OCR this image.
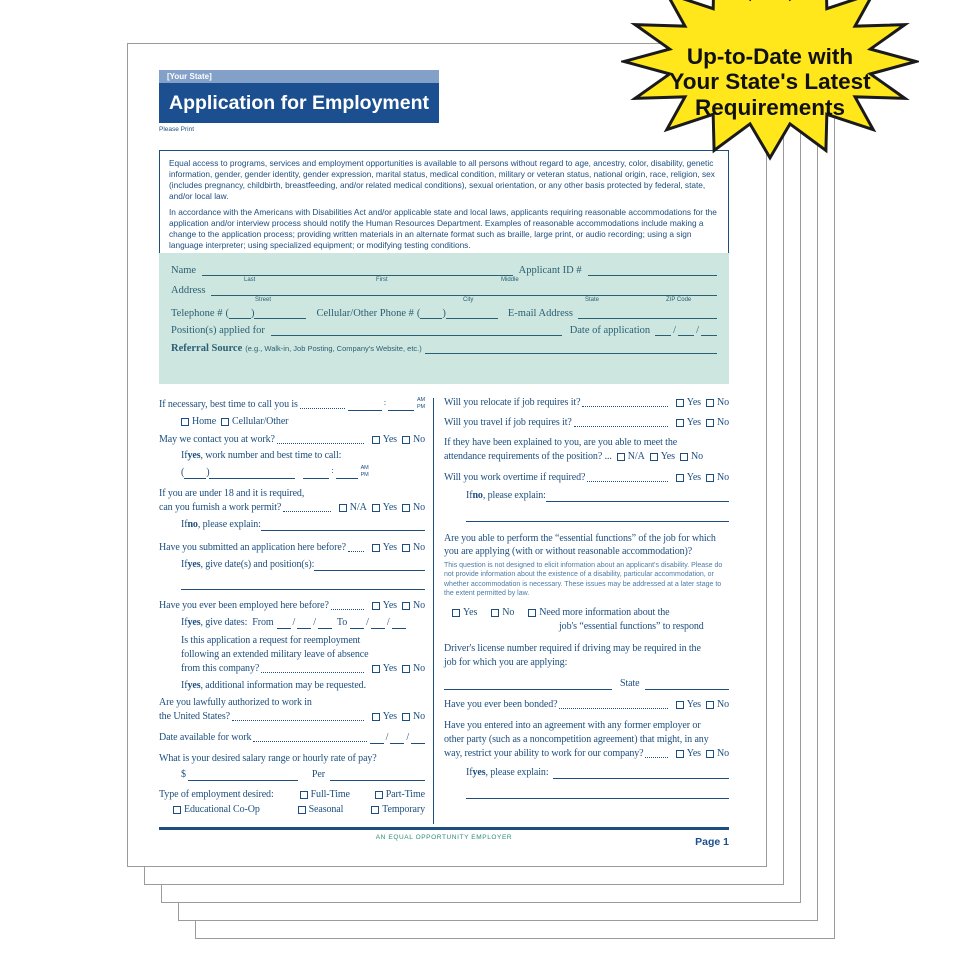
[Your State]
Application for Employment
Please Print

Equal access to programs, services and employment opportunities is available to all persons without regard to age, ancestry, color, disability, genetic information, gender, gender identity, gender expression, marital status, medical condition, military or veteran status, national origin, race, religion, sex (includes pregnancy, childbirth, breastfeeding, and/or related medical conditions), sexual orientation, or any other basis protected by federal, state, and/or local law.

In accordance with the Americans with Disabilities Act and/or applicable state and local laws, applicants requiring reasonable accommodations for the application and/or interview process should notify the Human Resources Department. Examples of reasonable accommodations include making a change to the application process; providing written materials in an alternate format such as braille, large print, or audio recording; using a sign language interpreter; using specialized equipment; or modifying testing conditions.

Name	Applicant ID #
Last	First	Middle
Address
Street	City	State	ZIP Code
Telephone # ( )	Cellular/Other Phone # ( )	E-mail Address
Position(s) applied for	Date of application / /
Referral Source (e.g., Walk-in, Job Posting, Company's Website, etc.)
If necessary, best time to call you is	:	AM
PM
Home Cellular/Other
May we contact you at work?	Yes No
If yes , work number and best time to call:
( )	:	AM
PM
If you are under 18 and it is required,
can you furnish a work permit?	N/A Yes No
If no , please explain:
Have you submitted an application here before?	Yes No
If yes , give date(s) and position(s):
Have you ever been employed here before?	Yes No
If yes , give dates: From / / To / /
Is this application a request for reemployment
following an extended military leave of absence
from this company?	Yes No
If yes , additional information may be requested.
Are you lawfully authorized to work in
the United States?	Yes No
Date available for work	/ /
What is your desired salary range or hourly rate of pay?
$	Per
Type of employment desired:	Full-Time	Part-Time
Educational Co-Op	Seasonal	Temporary
Will you relocate if job requires it?	Yes No
Will you travel if job requires it?	Yes No
If they have been explained to you, are you able to meet the
attendance requirements of the position? ... N/A Yes No
Will you work overtime if required?	Yes No
If no , please explain:
Are you able to perform the “essential functions” of the job for which you are applying (with or without reasonable accommodation)?
This question is not designed to elicit information about an applicant's disability. Please do not provide information about the existence of a disability, particular accommodation, or whether accommodation is necessary. These issues may be addressed at a later stage to the extent permitted by law.
Yes	No	Need more information about the
job's “essential functions” to respond
Driver's license number required if driving may be required in the
job for which you are applying:
State
Have you ever been bonded?	Yes No
Have you entered into an agreement with any former employer or
other party (such as a noncompetition agreement) that might, in any
way, restrict your ability to work for our company?	Yes No
If yes , please explain:
AN EQUAL OPPORTUNITY EMPLOYER	Page 1
Up-to-Date with
Your State's Latest
Requirements
